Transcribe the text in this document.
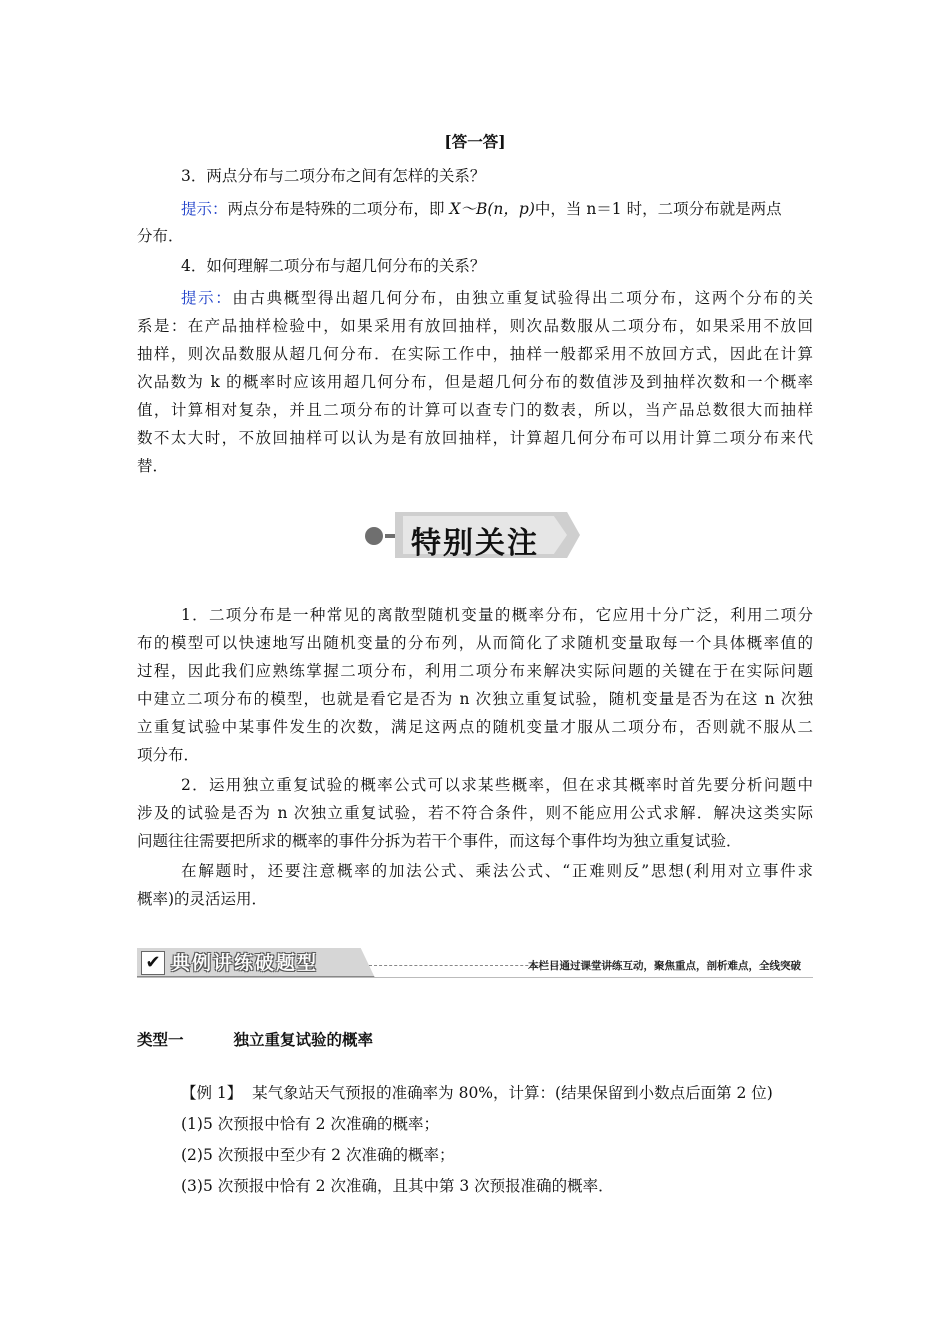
[答一答]
3．两点分布与二项分布之间有怎样的关系？
提示：两点分布是特殊的二项分布，即 X～B(n，p)中，当 n＝1 时，二项分布就是两点
分布．
4．如何理解二项分布与超几何分布的关系？
提示：由古典概型得出超几何分布，由独立重复试验得出二项分布，这两个分布的关
系是：在产品抽样检验中，如果采用有放回抽样，则次品数服从二项分布，如果采用不放回
抽样，则次品数服从超几何分布．在实际工作中，抽样一般都采用不放回方式，因此在计算
次品数为 k 的概率时应该用超几何分布，但是超几何分布的数值涉及到抽样次数和一个概率
值，计算相对复杂，并且二项分布的计算可以查专门的数表，所以，当产品总数很大而抽样
数不太大时，不放回抽样可以认为是有放回抽样，计算超几何分布可以用计算二项分布来代
替．
特别关注
1．二项分布是一种常见的离散型随机变量的概率分布，它应用十分广泛，利用二项分
布的模型可以快速地写出随机变量的分布列，从而简化了求随机变量取每一个具体概率值的
过程，因此我们应熟练掌握二项分布，利用二项分布来解决实际问题的关键在于在实际问题
中建立二项分布的模型，也就是看它是否为 n 次独立重复试验，随机变量是否为在这 n 次独
立重复试验中某事件发生的次数，满足这两点的随机变量才服从二项分布，否则就不服从二
项分布．
2．运用独立重复试验的概率公式可以求某些概率，但在求其概率时首先要分析问题中
涉及的试验是否为 n 次独立重复试验，若不符合条件，则不能应用公式求解．解决这类实际
问题往往需要把所求的概率的事件分拆为若干个事件，而这每个事件均为独立重复试验．
在解题时，还要注意概率的加法公式、乘法公式、“正难则反”思想(利用对立事件求
概率)的灵活运用．
✔ 典例讲练破题型	本栏目通过课堂讲练互动，聚焦重点，剖析难点，全线突破
类型一	独立重复试验的概率
【例 1】 某气象站天气预报的准确率为 80%，计算：(结果保留到小数点后面第 2 位)
(1)5 次预报中恰有 2 次准确的概率；
(2)5 次预报中至少有 2 次准确的概率；
(3)5 次预报中恰有 2 次准确，且其中第 3 次预报准确的概率．
